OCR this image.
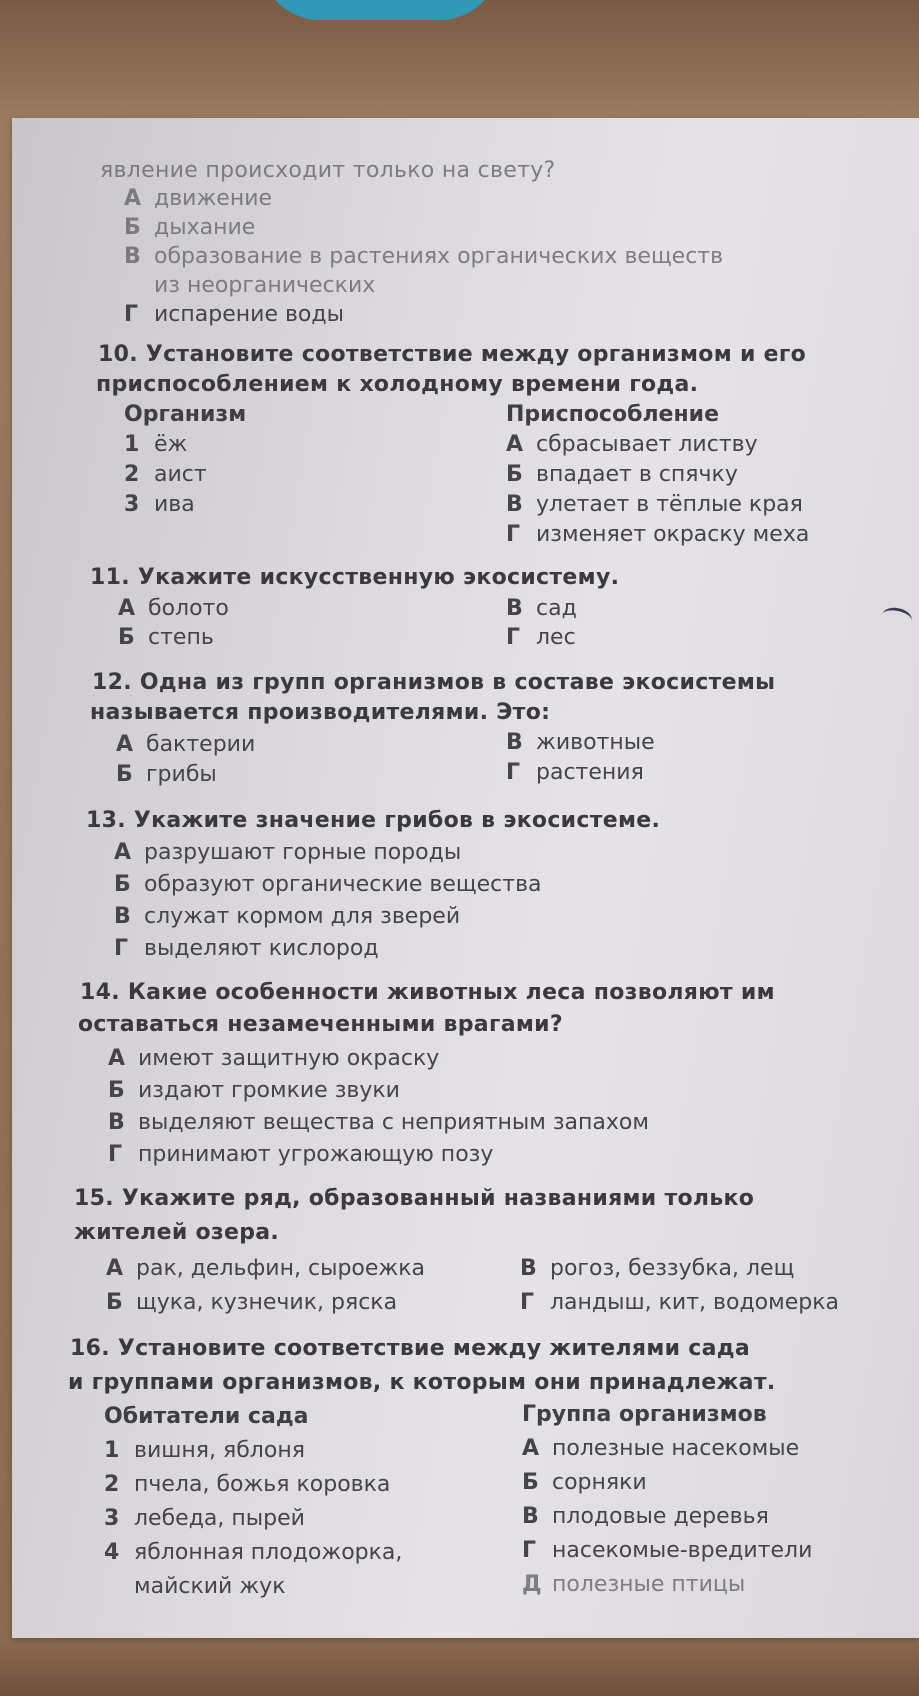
явление происходит только на свету?
А движение
Б дыхание
В образование в растениях органических веществ
из неорганических
Г испарение воды
10. Установите соответствие между организмом и его
приспособлением к холодному времени года.
Организм	Приспособление
1 ёж
2 аист
3 ива
А сбрасывает листву
Б впадает в спячку
В улетает в тёплые края
Г изменяет окраску меха
11. Укажите искусственную экосистему.
А болото
Б степь
В сад
Г лес
12. Одна из групп организмов в составе экосистемы
называется производителями. Это:
А бактерии
Б грибы
В животные
Г растения
13. Укажите значение грибов в экосистеме.
А разрушают горные породы
Б образуют органические вещества
В служат кормом для зверей
Г выделяют кислород
14. Какие особенности животных леса позволяют им
оставаться незамеченными врагами?
А имеют защитную окраску
Б издают громкие звуки
В выделяют вещества с неприятным запахом
Г принимают угрожающую позу
15. Укажите ряд, образованный названиями только
жителей озера.
А рак, дельфин, сыроежка
Б щука, кузнечик, ряска
В рогоз, беззубка, лещ
Г ландыш, кит, водомерка
16. Установите соответствие между жителями сада
и группами организмов, к которым они принадлежат.
Обитатели сада	Группа организмов
1 вишня, яблоня
2 пчела, божья коровка
3 лебеда, пырей
4 яблонная плодожорка,
майский жук
А полезные насекомые
Б сорняки
В плодовые деревья
Г насекомые-вредители
Д полезные птицы
